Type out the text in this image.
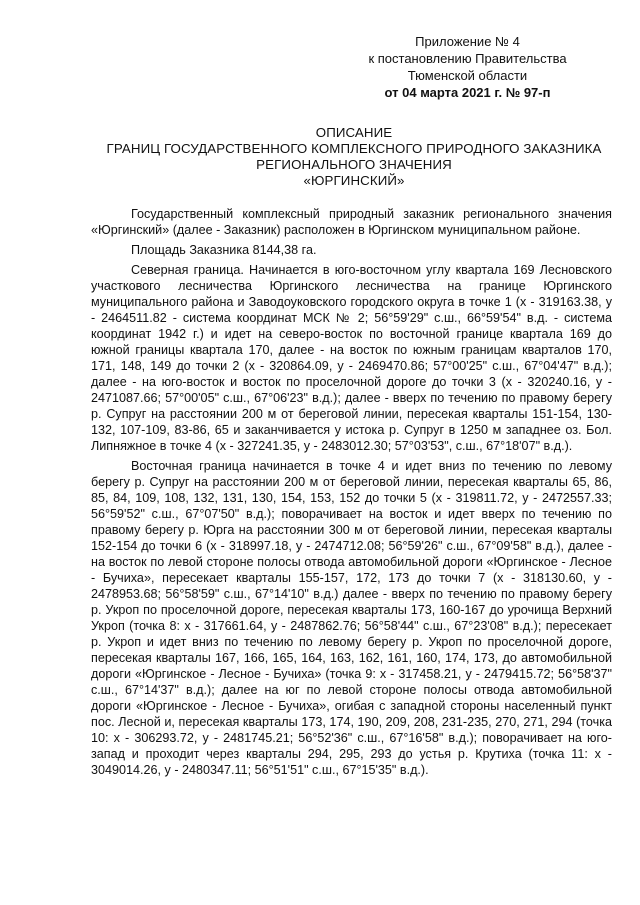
Приложение № 4
к постановлению Правительства
Тюменской области
от 04 марта 2021 г. № 97-п
ОПИСАНИЕ
ГРАНИЦ ГОСУДАРСТВЕННОГО КОМПЛЕКСНОГО ПРИРОДНОГО ЗАКАЗНИКА
РЕГИОНАЛЬНОГО ЗНАЧЕНИЯ
«ЮРГИНСКИЙ»

Государственный комплексный природный заказник регионального значения «Юргинский» (далее - Заказник) расположен в Юргинском муниципальном районе.

Площадь Заказника 8144,38 га.

Северная граница. Начинается в юго-восточном углу квартала 169 Лесновского участкового лесничества Юргинского лесничества на границе Юргинского муниципального района и Заводоуковского городского округа в точке 1 (x - 319163.38, y - 2464511.82 - система координат МСК № 2; 56°59'29" с.ш., 66°59'54" в.д. - система координат 1942 г.) и идет на северо-восток по восточной границе квартала 169 до южной границы квартала 170, далее - на восток по южным границам кварталов 170, 171, 148, 149 до точки 2 (x - 320864.09, y - 2469470.86; 57°00'25" с.ш., 67°04'47" в.д.); далее - на юго-восток и восток по проселочной дороге до точки 3 (x - 320240.16, y - 2471087.66; 57°00'05" с.ш., 67°06'23" в.д.); далее - вверх по течению по правому берегу р. Супруг на расстоянии 200 м от береговой линии, пересекая кварталы 151-154, 130-132, 107-109, 83-86, 65 и заканчивается у истока р. Супруг в 1250 м западнее оз. Бол. Липняжное в точке 4 (x - 327241.35, y - 2483012.30; 57°03'53", с.ш., 67°18'07" в.д.).

Восточная граница начинается в точке 4 и идет вниз по течению по левому берегу р. Супруг на расстоянии 200 м от береговой линии, пересекая кварталы 65, 86, 85, 84, 109, 108, 132, 131, 130, 154, 153, 152 до точки 5 (x - 319811.72, y - 2472557.33; 56°59'52" с.ш., 67°07'50" в.д.); поворачивает на восток и идет вверх по течению по правому берегу р. Юрга на расстоянии 300 м от береговой линии, пересекая кварталы 152-154 до точки 6 (x - 318997.18, y - 2474712.08; 56°59'26" с.ш., 67°09'58" в.д.), далее - на восток по левой стороне полосы отвода автомобильной дороги «Юргинское - Лесное - Бучиха», пересекает кварталы 155-157, 172, 173 до точки 7 (x - 318130.60, y - 2478953.68; 56°58'59" с.ш., 67°14'10" в.д.) далее - вверх по течению по правому берегу р. Укроп по проселочной дороге, пересекая кварталы 173, 160-167 до урочища Верхний Укроп (точка 8: x - 317661.64, y - 2487862.76; 56°58'44" с.ш., 67°23'08" в.д.); пересекает р. Укроп и идет вниз по течению по левому берегу р. Укроп по проселочной дороге, пересекая кварталы 167, 166, 165, 164, 163, 162, 161, 160, 174, 173, до автомобильной дороги «Юргинское - Лесное - Бучиха» (точка 9: x - 317458.21, y - 2479415.72; 56°58'37" с.ш., 67°14'37" в.д.); далее на юг по левой стороне полосы отвода автомобильной дороги «Юргинское - Лесное - Бучиха», огибая с западной стороны населенный пункт пос. Лесной и, пересекая кварталы 173, 174, 190, 209, 208, 231-235, 270, 271, 294 (точка 10: x - 306293.72, y - 2481745.21; 56°52'36" с.ш., 67°16'58" в.д.); поворачивает на юго-запад и проходит через кварталы 294, 295, 293 до устья р. Крутиха (точка 11: x - 3049014.26, y - 2480347.11; 56°51'51" с.ш., 67°15'35" в.д.).
